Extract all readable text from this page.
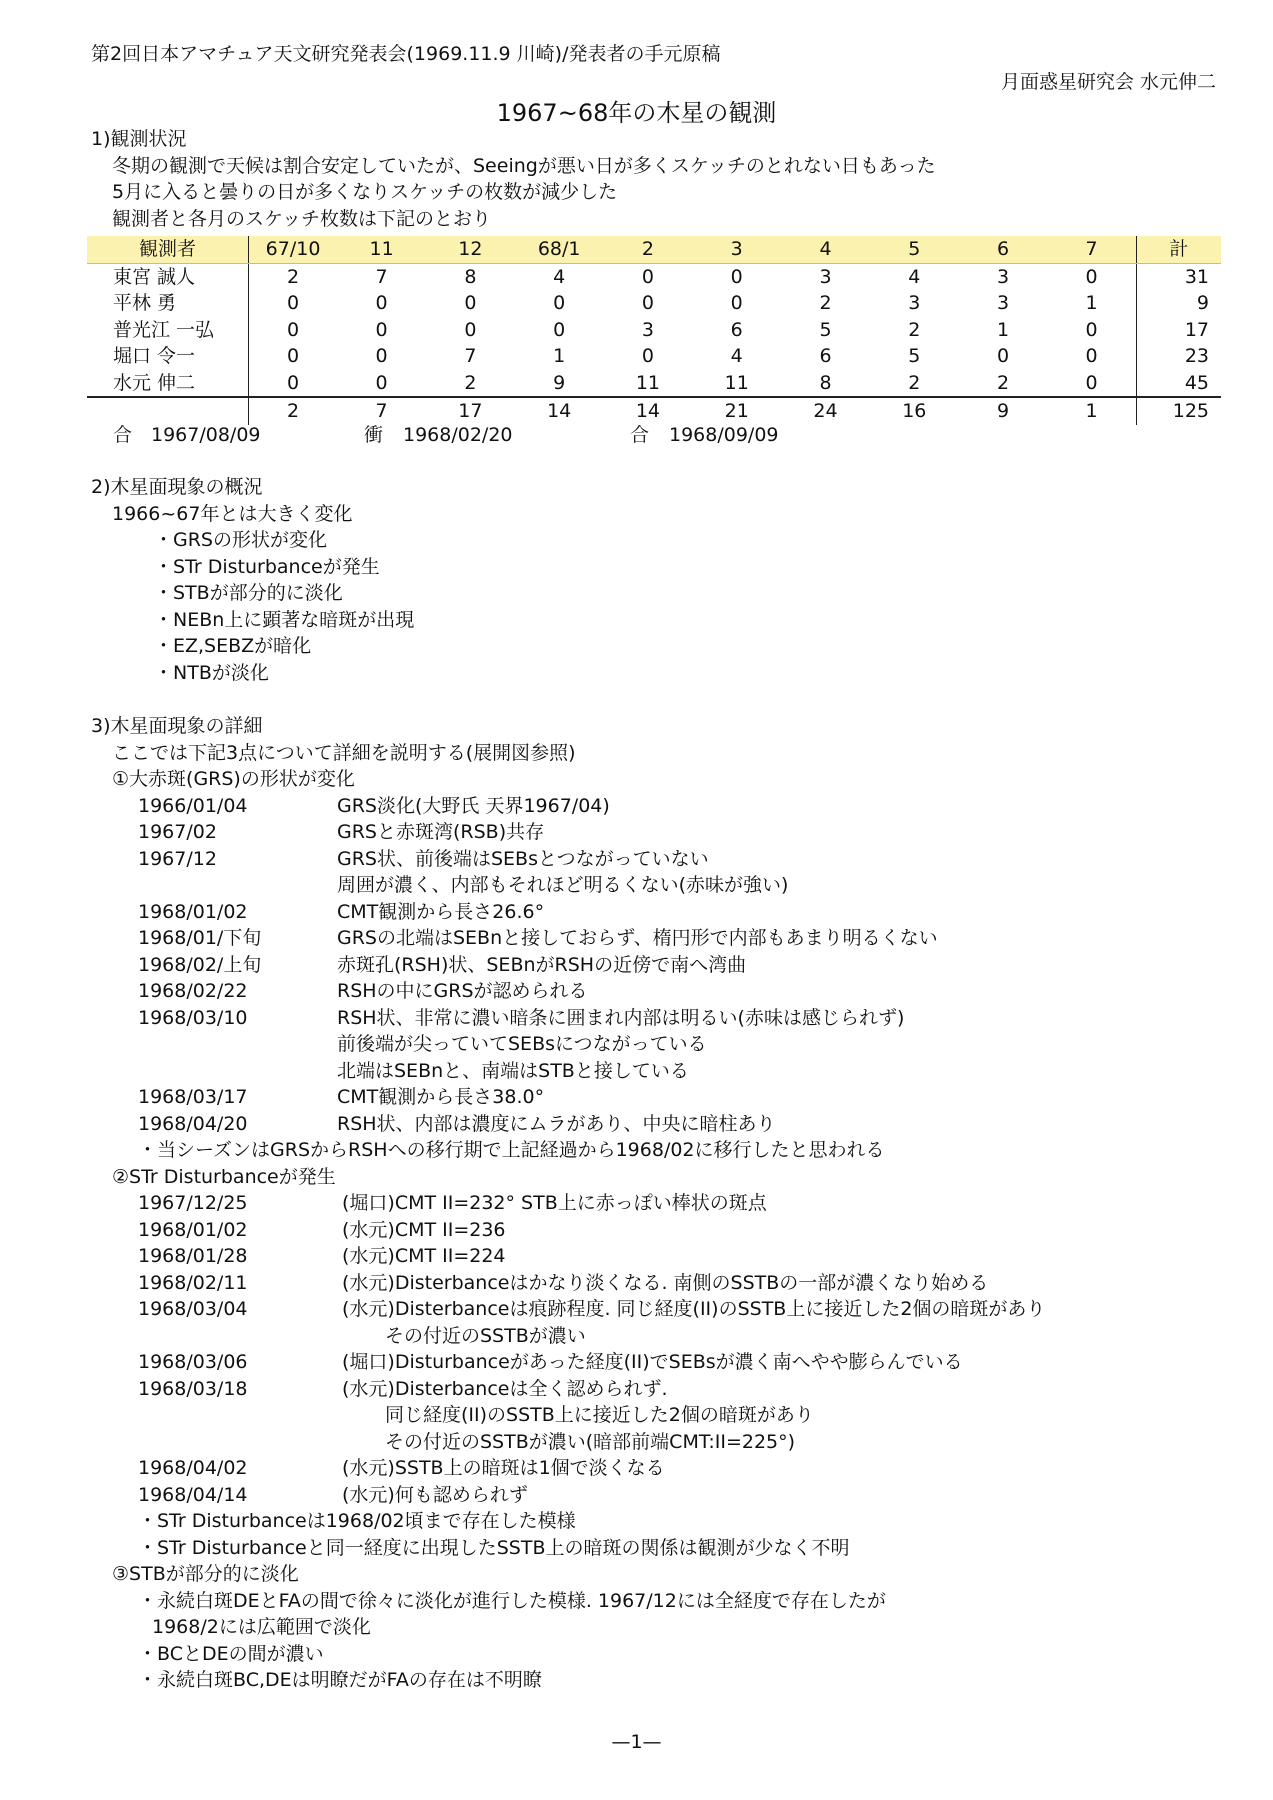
第2回日本アマチュア天文研究発表会(1969.11.9 川崎)/発表者の手元原稿
月面惑星研究会 水元伸二
1967~68年の木星の観測
1)観測状況
冬期の観測で天候は割合安定していたが、Seeingが悪い日が多くスケッチのとれない日もあった
5月に入ると曇りの日が多くなりスケッチの枚数が減少した
観測者と各月のスケッチ枚数は下記のとおり
観測者	67/10	11	12	68/1	2	3	4	5	6	7	計
東宮 誠人	2	7	8	4	0	0	3	4	3	0	31
平林 勇	0	0	0	0	0	0	2	3	3	1	9
普光江 一弘	0	0	0	0	3	6	5	2	1	0	17
堀口 令一	0	0	7	1	0	4	6	5	0	0	23
水元 伸二	0	0	2	9	11	11	8	2	2	0	45
	2	7	17	14	14	21	24	16	9	1	125
合 1967/08/09	衝 1968/02/20	合 1968/09/09
2)木星面現象の概況
1966~67年とは大きく変化
・GRSの形状が変化
・STr Disturbanceが発生
・STBが部分的に淡化
・NEBn上に顕著な暗斑が出現
・EZ,SEBZが暗化
・NTBが淡化
3)木星面現象の詳細
ここでは下記3点について詳細を説明する(展開図参照)
①大赤斑(GRS)の形状が変化
1966/01/04	GRS淡化(大野氏 天界1967/04)
1967/02	GRSと赤斑湾(RSB)共存
1967/12	GRS状、前後端はSEBsとつながっていない
周囲が濃く、内部もそれほど明るくない(赤味が強い)
1968/01/02	CMT観測から長さ26.6°
1968/01/下旬	GRSの北端はSEBnと接しておらず、楕円形で内部もあまり明るくない
1968/02/上旬	赤斑孔(RSH)状、SEBnがRSHの近傍で南へ湾曲
1968/02/22	RSHの中にGRSが認められる
1968/03/10	RSH状、非常に濃い暗条に囲まれ内部は明るい(赤味は感じられず)
前後端が尖っていてSEBsにつながっている
北端はSEBnと、南端はSTBと接している
1968/03/17	CMT観測から長さ38.0°
1968/04/20	RSH状、内部は濃度にムラがあり、中央に暗柱あり
・当シーズンはGRSからRSHへの移行期で上記経過から1968/02に移行したと思われる
②STr Disturbanceが発生
1967/12/25	(堀口)CMT II=232° STB上に赤っぽい棒状の斑点
1968/01/02	(水元)CMT II=236
1968/01/28	(水元)CMT II=224
1968/02/11	(水元)Disterbanceはかなり淡くなる. 南側のSSTBの一部が濃くなり始める
1968/03/04	(水元)Disterbanceは痕跡程度. 同じ経度(II)のSSTB上に接近した2個の暗斑があり
その付近のSSTBが濃い
1968/03/06	(堀口)Disturbanceがあった経度(II)でSEBsが濃く南へやや膨らんでいる
1968/03/18	(水元)Disterbanceは全く認められず.
同じ経度(II)のSSTB上に接近した2個の暗斑があり
その付近のSSTBが濃い(暗部前端CMT:II=225°)
1968/04/02	(水元)SSTB上の暗斑は1個で淡くなる
1968/04/14	(水元)何も認められず
・STr Disturbanceは1968/02頃まで存在した模様
・STr Disturbanceと同一経度に出現したSSTB上の暗斑の関係は観測が少なく不明
③STBが部分的に淡化
・永続白斑DEとFAの間で徐々に淡化が進行した模様. 1967/12には全経度で存在したが
1968/2には広範囲で淡化
・BCとDEの間が濃い
・永続白斑BC,DEは明瞭だがFAの存在は不明瞭
—1—
